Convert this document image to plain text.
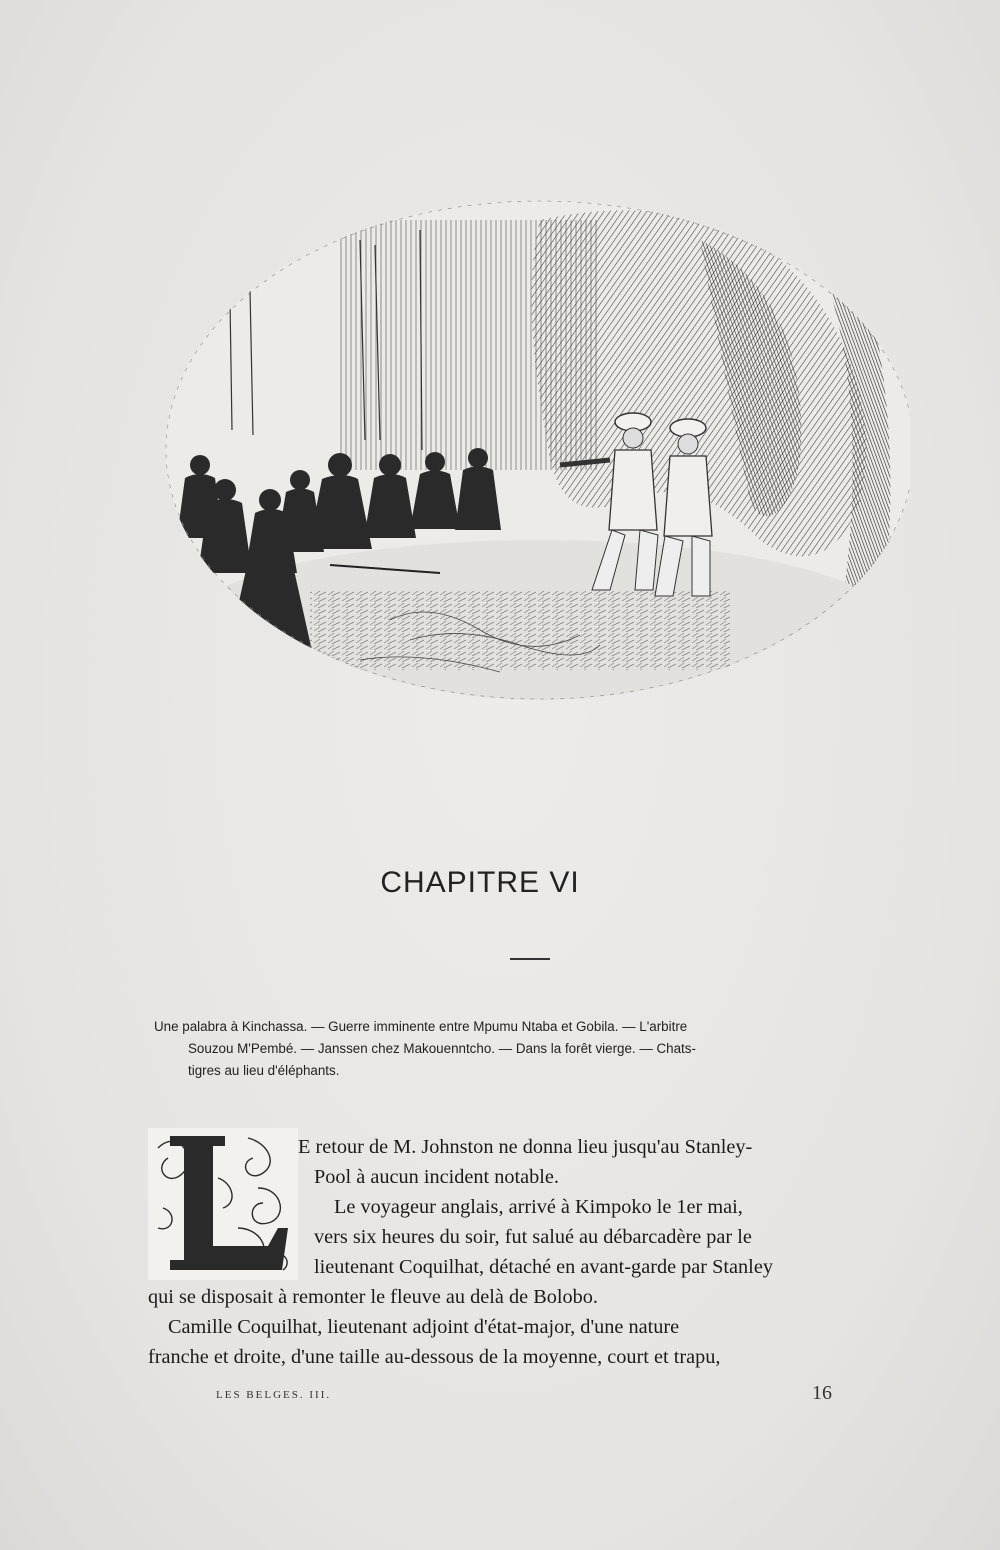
CHAPITRE VI
Une palabra à Kinchassa. — Guerre imminente entre Mpumu Ntaba et Gobila. — L'arbitre
Souzou M'Pembé. — Janssen chez Makouenntcho. — Dans la forêt vierge. — Chats-
tigres au lieu d'éléphants.
E retour de M. Johnston ne donna lieu jusqu'au Stanley-
Pool à aucun incident notable.
Le voyageur anglais, arrivé à Kimpoko le 1er mai,
vers six heures du soir, fut salué au débarcadère par le
lieutenant Coquilhat, détaché en avant-garde par Stanley
qui se disposait à remonter le fleuve au delà de Bolobo.
Camille Coquilhat, lieutenant adjoint d'état-major, d'une nature
franche et droite, d'une taille au-dessous de la moyenne, court et trapu,
LES BELGES. III.	16
